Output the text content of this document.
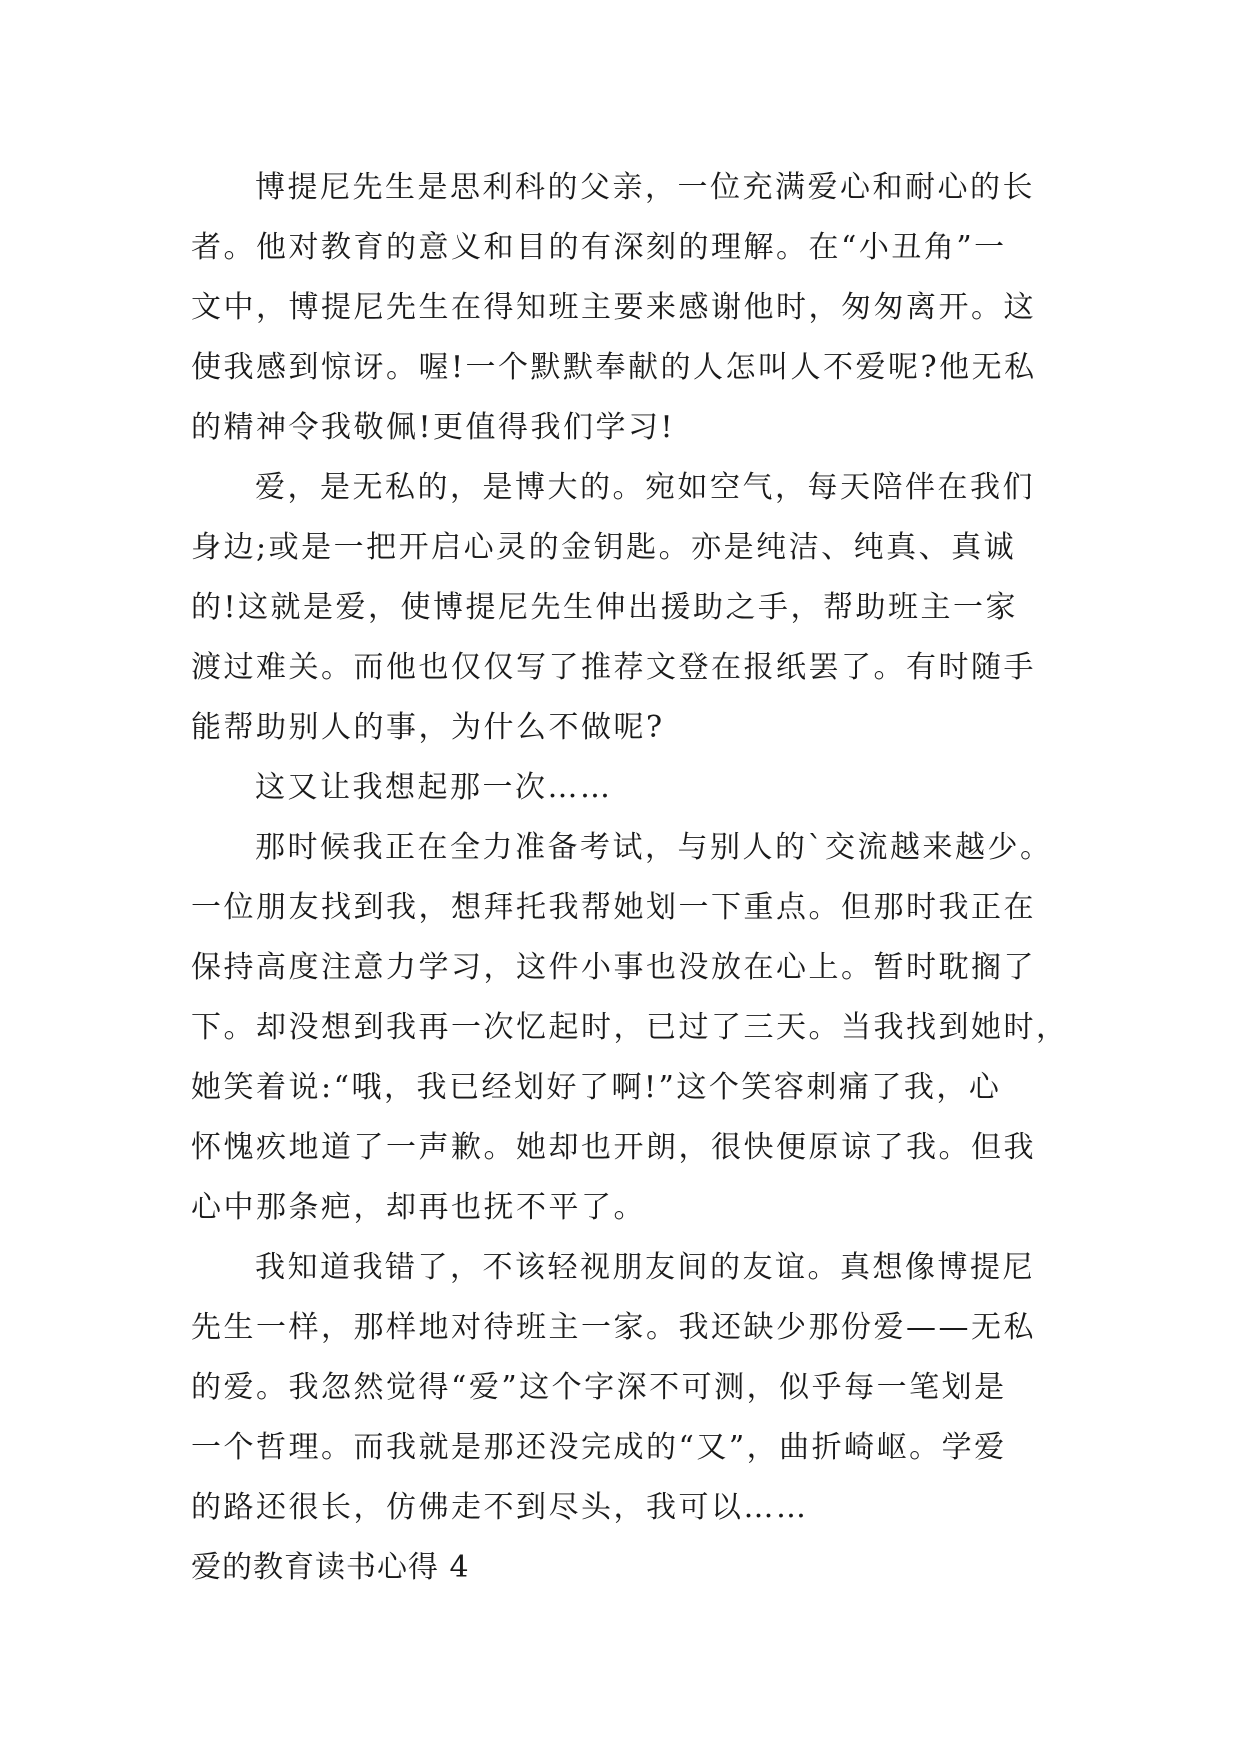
博提尼先生是思利科的父亲，一位充满爱心和耐心的长
者。他对教育的意义和目的有深刻的理解。在“小丑角”一
文中，博提尼先生在得知班主要来感谢他时，匆匆离开。这
使我感到惊讶。喔!一个默默奉献的人怎叫人不爱呢?他无私
的精神令我敬佩!更值得我们学习!
爱，是无私的，是博大的。宛如空气，每天陪伴在我们
身边;或是一把开启心灵的金钥匙。亦是纯洁、纯真、真诚
的!这就是爱，使博提尼先生伸出援助之手，帮助班主一家
渡过难关。而他也仅仅写了推荐文登在报纸罢了。有时随手
能帮助别人的事，为什么不做呢?
这又让我想起那一次……
那时候我正在全力准备考试，与别人的`交流越来越少。
一位朋友找到我，想拜托我帮她划一下重点。但那时我正在
保持高度注意力学习，这件小事也没放在心上。暂时耽搁了
下。却没想到我再一次忆起时，已过了三天。当我找到她时，
她笑着说:“哦，我已经划好了啊!”这个笑容刺痛了我，心
怀愧疚地道了一声歉。她却也开朗，很快便原谅了我。但我
心中那条疤，却再也抚不平了。
我知道我错了，不该轻视朋友间的友谊。真想像博提尼
先生一样，那样地对待班主一家。我还缺少那份爱——无私
的爱。我忽然觉得“爱”这个字深不可测，似乎每一笔划是
一个哲理。而我就是那还没完成的“又”，曲折崎岖。学爱
的路还很长，仿佛走不到尽头，我可以……
爱的教育读书心得 4
